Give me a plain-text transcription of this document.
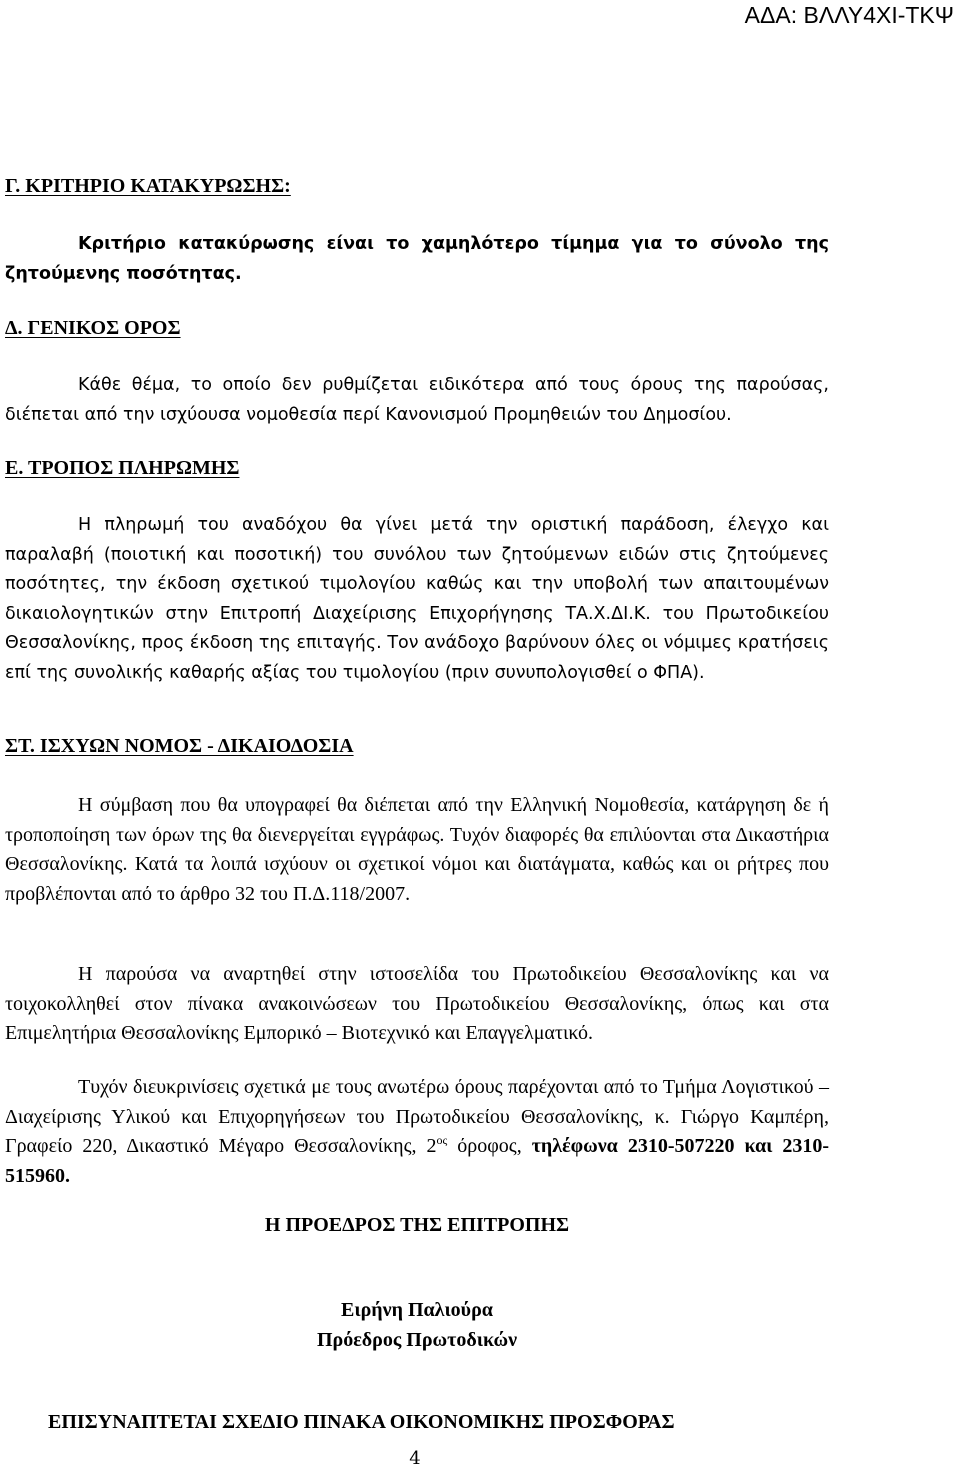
ΑΔΑ: ΒΛΛΥ4ΧΙ-ΤΚΨ
Γ. ΚΡΙΤΗΡΙΟ ΚΑΤΑΚΥΡΩΣΗΣ:
Κριτήριο κατακύρωσης είναι το χαμηλότερο τίμημα για το σύνολο της ζητούμενης ποσότητας.
Δ. ΓΕΝΙΚΟΣ ΟΡΟΣ
Κάθε θέμα, το οποίο δεν ρυθμίζεται ειδικότερα από τους όρους της παρούσας, διέπεται από την ισχύουσα νομοθεσία περί Κανονισμού Προμηθειών του Δημοσίου.
Ε. ΤΡΟΠΟΣ ΠΛΗΡΩΜΗΣ
Η πληρωμή του αναδόχου θα γίνει μετά την οριστική παράδοση, έλεγχο και παραλαβή (ποιοτική και ποσοτική) του συνόλου των ζητούμενων ειδών στις ζητούμενες ποσότητες, την έκδοση σχετικού τιμολογίου καθώς και την υποβολή των απαιτουμένων δικαιολογητικών στην Επιτροπή Διαχείρισης Επιχορήγησης ΤΑ.Χ.ΔΙ.Κ. του Πρωτοδικείου Θεσσαλονίκης, προς έκδοση της επιταγής. Τον ανάδοχο βαρύνουν όλες οι νόμιμες κρατήσεις επί της συνολικής καθαρής αξίας του τιμολογίου (πριν συνυπολογισθεί ο ΦΠΑ).
ΣΤ. ΙΣΧΥΩΝ ΝΟΜΟΣ - ΔΙΚΑΙΟΔΟΣΙΑ
Η σύμβαση που θα υπογραφεί θα διέπεται από την Ελληνική Νομοθεσία, κατάργηση δε ή τροποποίηση των όρων της θα διενεργείται εγγράφως. Τυχόν διαφορές θα επιλύονται στα Δικαστήρια Θεσσαλονίκης. Κατά τα λοιπά ισχύουν οι σχετικοί νόμοι και διατάγματα, καθώς και οι ρήτρες που προβλέπονται από το άρθρο 32 του Π.Δ.118/2007.
Η παρούσα να αναρτηθεί στην ιστοσελίδα του Πρωτοδικείου Θεσσαλονίκης και να τοιχοκολληθεί στον πίνακα ανακοινώσεων του Πρωτοδικείου Θεσσαλονίκης, όπως και στα Επιμελητήρια Θεσσαλονίκης Εμπορικό – Βιοτεχνικό και Επαγγελματικό.
Τυχόν διευκρινίσεις σχετικά με τους ανωτέρω όρους παρέχονται από το Τμήμα Λογιστικού – Διαχείρισης Υλικού και Επιχορηγήσεων του Πρωτοδικείου Θεσσαλονίκης, κ. Γιώργο Καμπέρη, Γραφείο 220, Δικαστικό Μέγαρο Θεσσαλονίκης, $2^{o\varsigma}$ όροφος, τηλέφωνα 2310-507220 και 2310-515960.
Η ΠΡΟΕΔΡΟΣ ΤΗΣ ΕΠΙΤΡΟΠΗΣ
Ειρήνη Παλιούρα
Πρόεδρος Πρωτοδικών
ΕΠΙΣΥΝΑΠΤΕΤΑΙ ΣΧΕΔΙΟ ΠΙΝΑΚΑ ΟΙΚΟΝΟΜΙΚΗΣ ΠΡΟΣΦΟΡΑΣ
4
